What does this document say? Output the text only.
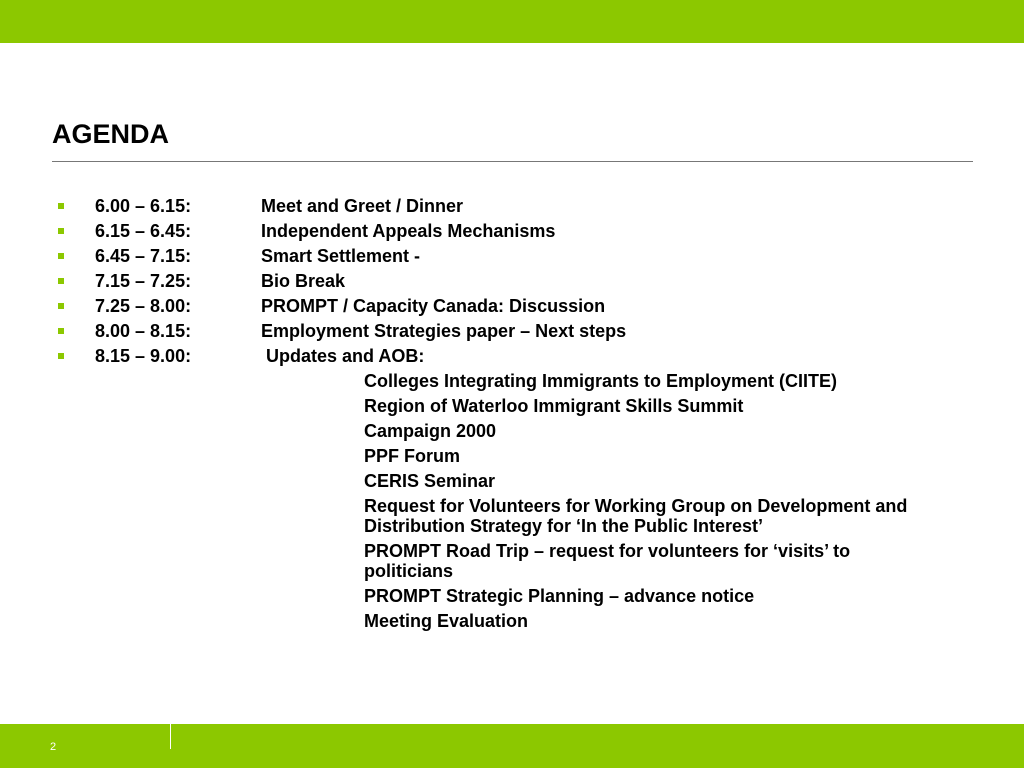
AGENDA
6.00 – 6.15:	Meet and Greet / Dinner
6.15 – 6.45:	Independent Appeals Mechanisms
6.45 – 7.15:	Smart Settlement -
7.15 – 7.25:	Bio Break
7.25 – 8.00:	PROMPT / Capacity Canada: Discussion
8.00 – 8.15:	Employment Strategies paper – Next steps
8.15 – 9.00:	Updates and AOB:
Colleges Integrating Immigrants to Employment (CIITE)
Region of Waterloo Immigrant Skills Summit
Campaign 2000
PPF Forum
CERIS Seminar
Request for Volunteers for Working Group on Development and
Distribution Strategy for ‘In the Public Interest’
PROMPT Road Trip – request for volunteers for ‘visits’ to
politicians
PROMPT Strategic Planning – advance notice
Meeting Evaluation
2
